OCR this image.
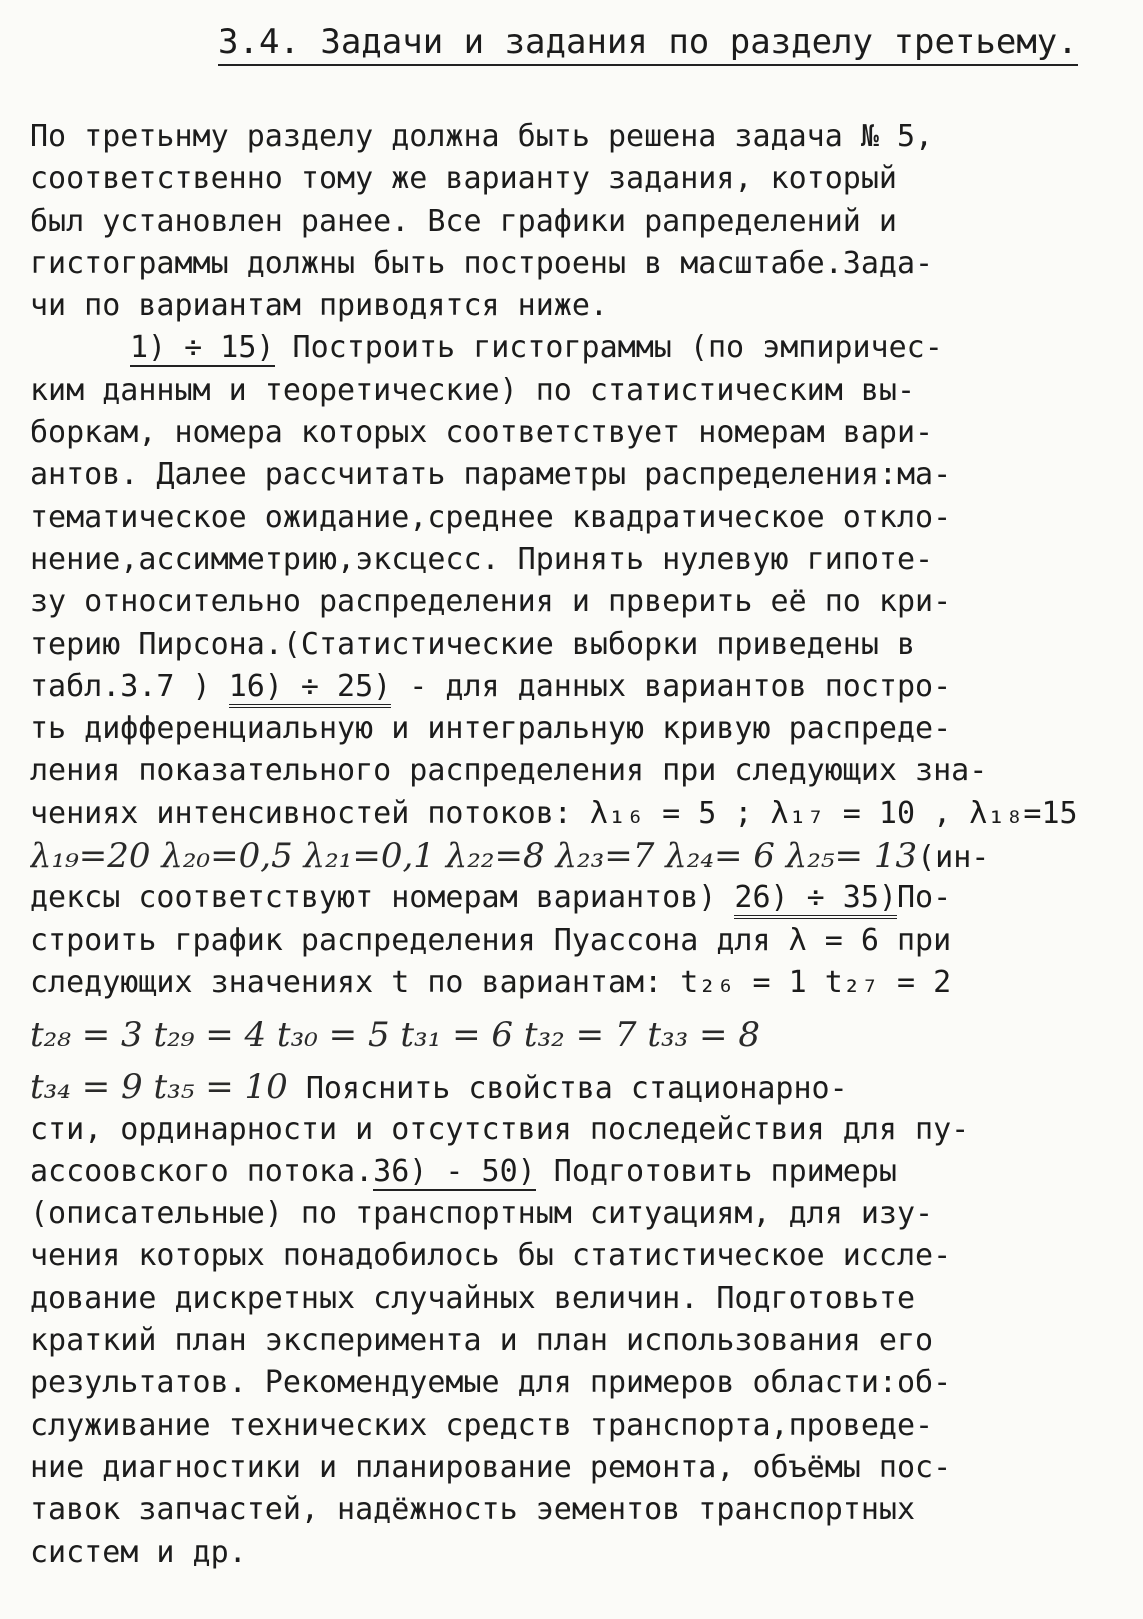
3.4. Задачи и задания по разделу третьему.
По третьнму разделу должна быть решена задача № 5,
соответственно тому же варианту задания, который
был установлен ранее. Все графики рапределений и
гистограммы должны быть построены в масштабе.Зада-
чи по вариантам приводятся ниже.
1) ÷ 15) Построить гистограммы (по эмпиричес-
ким данным и теоретические) по статистическим вы-
боркам, номера которых соответствует номерам вари-
антов. Далее рассчитать параметры распределения:ма-
тематическое ожидание,среднее квадратическое откло-
нение,ассимметрию,эксцесс. Принять нулевую гипоте-
зу относительно распределения и прверить её по кри-
терию Пирсона.(Статистические выборки приведены в
табл.3.7 ) 16) ÷ 25) - для данных вариантов постро-
ть дифференциальную и интегральную кривую распреде-
ления показательного распределения при следующих зна-
чениях интенсивностей потоков: λ₁₆ = 5 ; λ₁₇ = 10 , λ₁₈=15
λ₁₉=20 λ₂₀=0,5 λ₂₁=0,1 λ₂₂=8 λ₂₃=7 λ₂₄= 6 λ₂₅= 13(ин-
дексы соответствуют номерам вариантов) 26) ÷ 35)По-
строить график распределения Пуассона для λ = 6 при
следующих значениях t по вариантам: t₂₆ = 1 t₂₇ = 2
t₂₈ = 3 t₂₉ = 4 t₃₀ = 5 t₃₁ = 6 t₃₂ = 7 t₃₃ = 8
t₃₄ = 9 t₃₅ = 10 Пояснить свойства стационарно-
сти, ординарности и отсутствия последействия для пу-
ассоовского потока.36) - 50) Подготовить примеры
(описательные) по транспортным ситуациям, для изу-
чения которых понадобилось бы статистическое иссле-
дование дискретных случайных величин. Подготовьте
краткий план эксперимента и план использования его
результатов. Рекомендуемые для примеров области:об-
служивание технических средств транспорта,проведе-
ние диагностики и планирование ремонта, объёмы пос-
тавок запчастей, надёжность эементов транспортных
систем и др.
